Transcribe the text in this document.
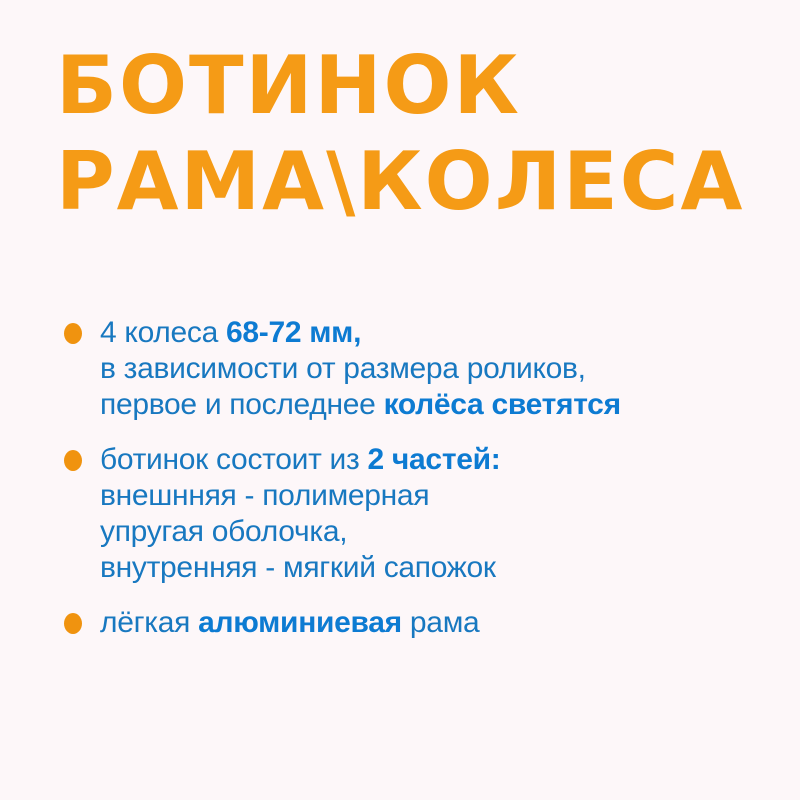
БОТИНОК
РАМА\КОЛЕСА
4 колеса 68-72 мм,
в зависимости от размера роликов,
первое и последнее колёса светятся
ботинок состоит из 2 частей:
внешнняя - полимерная
упругая оболочка,
внутренняя - мягкий сапожок
лёгкая алюминиевая рама
